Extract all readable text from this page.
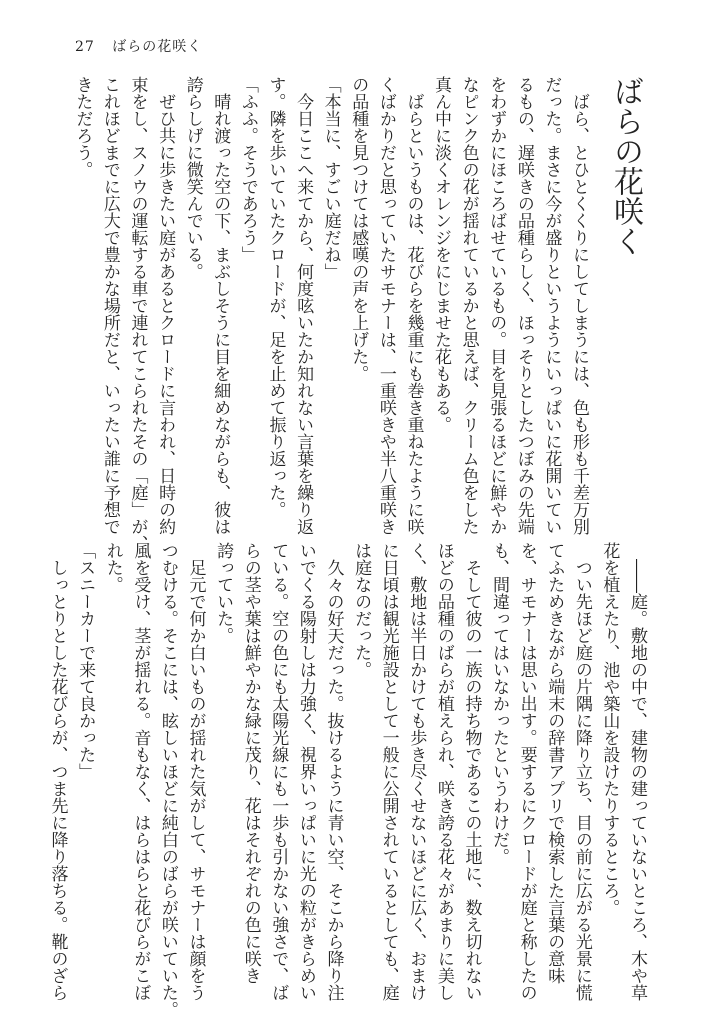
27 ばらの花咲く
ばらの花咲く
　ばら、とひとくくりにしてしまうには、色も形も千差万別
だった。まさに今が盛りというようにいっぱいに花開いてい
るもの、遅咲きの品種らしく、ほっそりとしたつぼみの先端
をわずかにほころばせているもの。目を見張るほどに鮮やか
なピンク色の花が揺れているかと思えば、クリーム色をした
真ん中に淡くオレンジをにじませた花もある。
　ばらというものは、花びらを幾重にも巻き重ねたように咲
くばかりだと思っていたサモナーは、一重咲きや半八重咲き
の品種を見つけては感嘆の声を上げた。
「本当に、すごい庭だね」
　今日ここへ来てから、何度呟いたか知れない言葉を繰り返
す。隣を歩いていたクロードが、足を止めて振り返った。
「ふふ。そうであろう」
　晴れ渡った空の下、まぶしそうに目を細めながらも、彼は
誇らしげに微笑んでいる。
　ぜひ共に歩きたい庭があるとクロードに言われ、日時の約
束をし、スノウの運転する車で連れてこられたその「庭」が、
これほどまでに広大で豊かな場所だと、いったい誰に予想で
きただろう。
　――庭。敷地の中で、建物の建っていないところ、木や草
花を植えたり、池や築山を設けたりするところ。
　つい先ほど庭の片隅に降り立ち、目の前に広がる光景に慌
てふためきながら端末の辞書アプリで検索した言葉の意味
を、サモナーは思い出す。要するにクロードが庭と称したの
も、間違ってはいなかったというわけだ。
　そして彼の一族の持ち物であるこの土地に、数え切れない
ほどの品種のばらが植えられ、咲き誇る花々があまりに美し
く、敷地は半日かけても歩き尽くせないほどに広く、おまけ
に日頃は観光施設として一般に公開されているとしても、庭
は庭なのだった。
　久々の好天だった。抜けるように青い空、そこから降り注
いでくる陽射しは力強く、視界いっぱいに光の粒がきらめい
ている。空の色にも太陽光線にも一歩も引かない強さで、ば
らの茎や葉は鮮やかな緑に茂り、花はそれぞれの色に咲き
誇っていた。
　足元で何か白いものが揺れた気がして、サモナーは顔をう
つむける。そこには、眩しいほどに純白のばらが咲いていた。
風を受け、茎が揺れる。音もなく、はらはらと花びらがこぼ
れた。
「スニーカーで来て良かった」
　しっとりとした花びらが、つま先に降り落ちる。靴のざら
